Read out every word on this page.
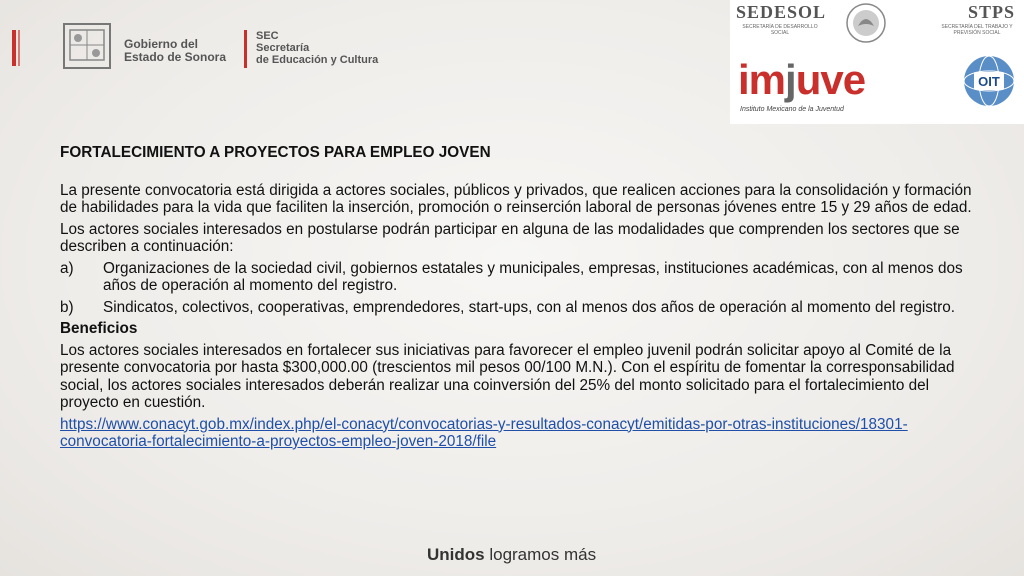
Gobierno del
Estado de Sonora
SEC
Secretaría
de Educación y Cultura
SEDESOL
SECRETARÍA DE DESARROLLO SOCIAL
STPS
SECRETARÍA DEL TRABAJO Y PREVISIÓN SOCIAL
imjuve
Instituto Mexicano de la Juventud
OIT

FORTALECIMIENTO A PROYECTOS PARA EMPLEO JOVEN

La presente convocatoria está dirigida a actores sociales, públicos y privados, que realicen acciones para la consolidación y formación de habilidades para la vida que faciliten la inserción, promoción o reinserción laboral de personas jóvenes entre 15 y 29 años de edad.

Los actores sociales interesados en postularse podrán participar en alguna de las modalidades que comprenden los sectores que se describen a continuación:

a)	Organizaciones de la sociedad civil, gobiernos estatales y municipales, empresas, instituciones académicas, con al menos dos años de operación al momento del registro.
b)	Sindicatos, colectivos, cooperativas, emprendedores, start-ups, con al menos dos años de operación al momento del registro.

Beneficios

Los actores sociales interesados en fortalecer sus iniciativas para favorecer el empleo juvenil podrán solicitar apoyo al Comité de la presente convocatoria por hasta $300,000.00 (trescientos mil pesos 00/100 M.N.). Con el espíritu de fomentar la corresponsabilidad social, los actores sociales interesados deberán realizar una coinversión del 25% del monto solicitado para el fortalecimiento del proyecto en cuestión.

https://www.conacyt.gob.mx/index.php/el-conacyt/convocatorias-y-resultados-conacyt/emitidas-por-otras-instituciones/18301-convocatoria-fortalecimiento-a-proyectos-empleo-joven-2018/file
Unidos logramos más
